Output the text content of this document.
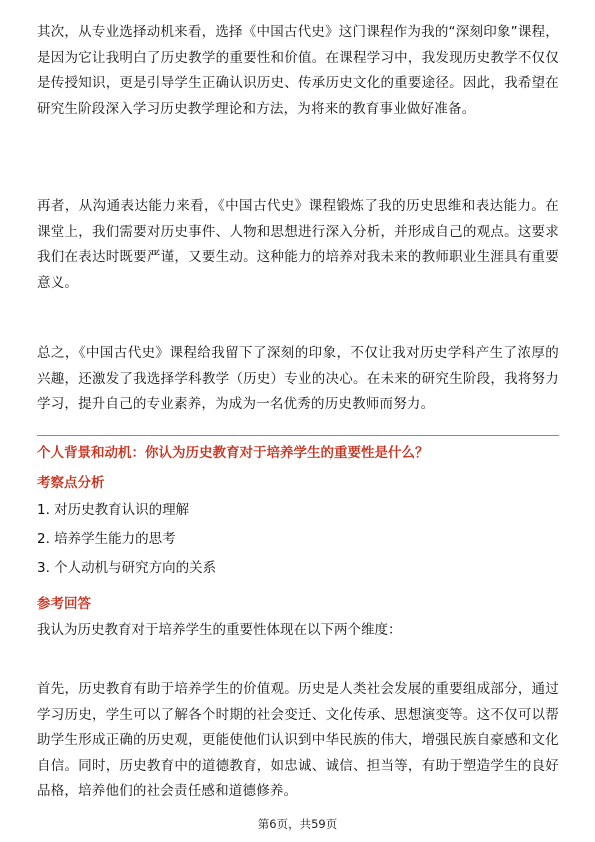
其次，从专业选择动机来看，选择《中国古代史》这门课程作为我的“深刻印象”课程，是因为它让我明白了历史教学的重要性和价值。在课程学习中，我发现历史教学不仅仅是传授知识，更是引导学生正确认识历史、传承历史文化的重要途径。因此，我希望在研究生阶段深入学习历史教学理论和方法，为将来的教育事业做好准备。

再者，从沟通表达能力来看，《中国古代史》课程锻炼了我的历史思维和表达能力。在课堂上，我们需要对历史事件、人物和思想进行深入分析，并形成自己的观点。这要求我们在表达时既要严谨，又要生动。这种能力的培养对我未来的教师职业生涯具有重要意义。

总之，《中国古代史》课程给我留下了深刻的印象，不仅让我对历史学科产生了浓厚的兴趣，还激发了我选择学科教学（历史）专业的决心。在未来的研究生阶段，我将努力学习，提升自己的专业素养，为成为一名优秀的历史教师而努力。

个人背景和动机：你认为历史教育对于培养学生的重要性是什么？

考察点分析

1. 对历史教育认识的理解

2. 培养学生能力的思考

3. 个人动机与研究方向的关系

参考回答

我认为历史教育对于培养学生的重要性体现在以下两个维度：

首先，历史教育有助于培养学生的价值观。历史是人类社会发展的重要组成部分，通过学习历史，学生可以了解各个时期的社会变迁、文化传承、思想演变等。这不仅可以帮助学生形成正确的历史观，更能使他们认识到中华民族的伟大，增强民族自豪感和文化自信。同时，历史教育中的道德教育，如忠诚、诚信、担当等，有助于塑造学生的良好品格，培养他们的社会责任感和道德修养。

第6页，共59页
